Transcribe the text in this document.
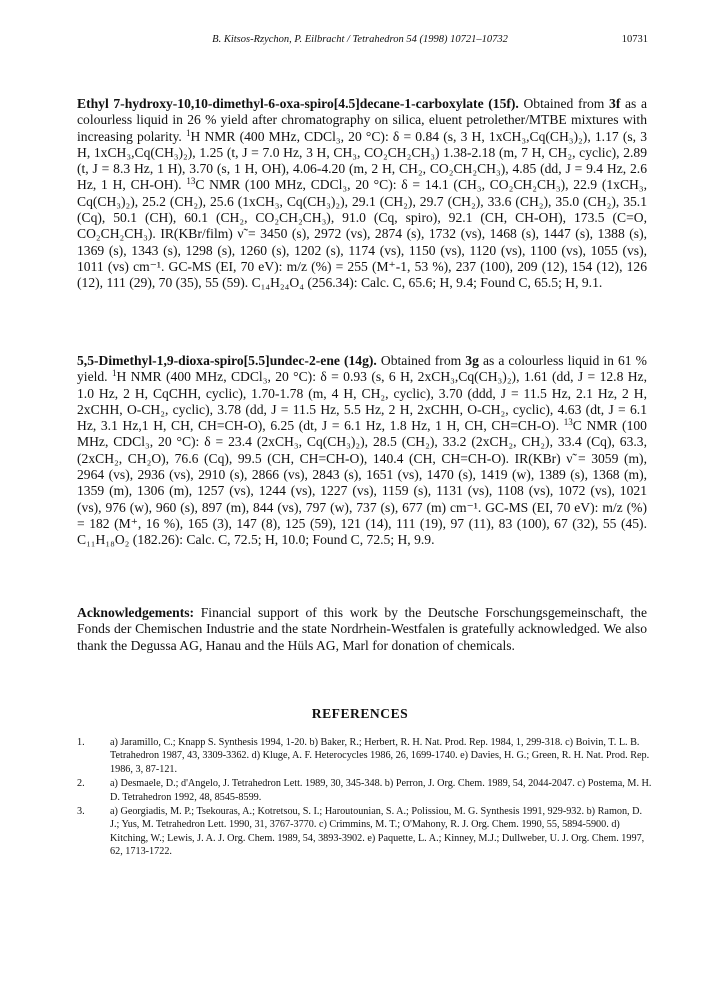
B. Kitsos-Rzychon, P. Eilbracht / Tetrahedron 54 (1998) 10721–10732	10731

Ethyl 7-hydroxy-10,10-dimethyl-6-oxa-spiro[4.5]decane-1-carboxylate (15f). Obtained from 3f as a colourless liquid in 26 % yield after chromatography on silica, eluent petrolether/MTBE mixtures with increasing polarity. $^1$H NMR (400 MHz, CDCl₃, 20 °C): δ = 0.84 (s, 3 H, 1xCH₃,Cq(CH₃)₂), 1.17 (s, 3 H, 1xCH₃,Cq(CH₃)₂), 1.25 (t, J = 7.0 Hz, 3 H, CH₃, CO₂CH₂CH₃) 1.38-2.18 (m, 7 H, CH₂, cyclic), 2.89 (t, J = 8.3 Hz, 1 H), 3.70 (s, 1 H, OH), 4.06-4.20 (m, 2 H, CH₂, CO₂CH₂CH₃), 4.85 (dd, J = 9.4 Hz, 2.6 Hz, 1 H, CH-OH). $^{13}$C NMR (100 MHz, CDCl₃, 20 °C): δ = 14.1 (CH₃, CO₂CH₂CH₃), 22.9 (1xCH₃, Cq(CH₃)₂), 25.2 (CH₂), 25.6 (1xCH₃, Cq(CH₃)₂), 29.1 (CH₂), 29.7 (CH₂), 33.6 (CH₂), 35.0 (CH₂), 35.1 (Cq), 50.1 (CH), 60.1 (CH₂, CO₂CH₂CH₃), 91.0 (Cq, spiro), 92.1 (CH, CH-OH), 173.5 (C=O, CO₂CH₂CH₃). IR(KBr/film) ν̃ = 3450 (s), 2972 (vs), 2874 (s), 1732 (vs), 1468 (s), 1447 (s), 1388 (s), 1369 (s), 1343 (s), 1298 (s), 1260 (s), 1202 (s), 1174 (vs), 1150 (vs), 1120 (vs), 1100 (vs), 1055 (vs), 1011 (vs) cm⁻¹. GC-MS (EI, 70 eV): m/z (%) = 255 (M⁺-1, 53 %), 237 (100), 209 (12), 154 (12), 126 (12), 111 (29), 70 (35), 55 (59). C₁₄H₂₄O₄ (256.34): Calc. C, 65.6; H, 9.4; Found C, 65.5; H, 9.1.

5,5-Dimethyl-1,9-dioxa-spiro[5.5]undec-2-ene (14g). Obtained from 3g as a colourless liquid in 61 % yield. $^1$H NMR (400 MHz, CDCl₃, 20 °C): δ = 0.93 (s, 6 H, 2xCH₃,Cq(CH₃)₂), 1.61 (dd, J = 12.8 Hz, 1.0 Hz, 2 H, CqCHH, cyclic), 1.70-1.78 (m, 4 H, CH₂, cyclic), 3.70 (ddd, J = 11.5 Hz, 2.1 Hz, 2 H, 2xCHH, O-CH₂, cyclic), 3.78 (dd, J = 11.5 Hz, 5.5 Hz, 2 H, 2xCHH, O-CH₂, cyclic), 4.63 (dt, J = 6.1 Hz, 3.1 Hz,1 H, CH, CH=CH-O), 6.25 (dt, J = 6.1 Hz, 1.8 Hz, 1 H, CH, CH=CH-O). $^{13}$C NMR (100 MHz, CDCl₃, 20 °C): δ = 23.4 (2xCH₃, Cq(CH₃)₂), 28.5 (CH₂), 33.2 (2xCH₂, CH₂), 33.4 (Cq), 63.3, (2xCH₂, CH₂O), 76.6 (Cq), 99.5 (CH, CH=CH-O), 140.4 (CH, CH=CH-O). IR(KBr) ν̃ = 3059 (m), 2964 (vs), 2936 (vs), 2910 (s), 2866 (vs), 2843 (s), 1651 (vs), 1470 (s), 1419 (w), 1389 (s), 1368 (m), 1359 (m), 1306 (m), 1257 (vs), 1244 (vs), 1227 (vs), 1159 (s), 1131 (vs), 1108 (vs), 1072 (vs), 1021 (vs), 976 (w), 960 (s), 897 (m), 844 (vs), 797 (w), 737 (s), 677 (m) cm⁻¹. GC-MS (EI, 70 eV): m/z (%) = 182 (M⁺, 16 %), 165 (3), 147 (8), 125 (59), 121 (14), 111 (19), 97 (11), 83 (100), 67 (32), 55 (45). C₁₁H₁₈O₂ (182.26): Calc. C, 72.5; H, 10.0; Found C, 72.5; H, 9.9.

Acknowledgements: Financial support of this work by the Deutsche Forschungsgemeinschaft, the Fonds der Chemischen Industrie and the state Nordrhein-Westfalen is gratefully acknowledged. We also thank the Degussa AG, Hanau and the Hüls AG, Marl for donation of chemicals.

REFERENCES
1. a) Jaramillo, C.; Knapp S. Synthesis 1994, 1-20. b) Baker, R.; Herbert, R. H. Nat. Prod. Rep. 1984, 1, 299-318. c) Boivin, T. L. B. Tetrahedron 1987, 43, 3309-3362. d) Kluge, A. F. Heterocycles 1986, 26, 1699-1740. e) Davies, H. G.; Green, R. H. Nat. Prod. Rep. 1986, 3, 87-121.
2. a) Desmaele, D.; d'Angelo, J. Tetrahedron Lett. 1989, 30, 345-348. b) Perron, J. Org. Chem. 1989, 54, 2044-2047. c) Postema, M. H. D. Tetrahedron 1992, 48, 8545-8599.
3. a) Georgiadis, M. P.; Tsekouras, A.; Kotretsou, S. I.; Haroutounian, S. A.; Polissiou, M. G. Synthesis 1991, 929-932. b) Ramon, D. J.; Yus, M. Tetrahedron Lett. 1990, 31, 3767-3770. c) Crimmins, M. T.; O'Mahony, R. J. Org. Chem. 1990, 55, 5894-5900. d) Kitching, W.; Lewis, J. A. J. Org. Chem. 1989, 54, 3893-3902. e) Paquette, L. A.; Kinney, M.J.; Dullweber, U. J. Org. Chem. 1997, 62, 1713-1722.
